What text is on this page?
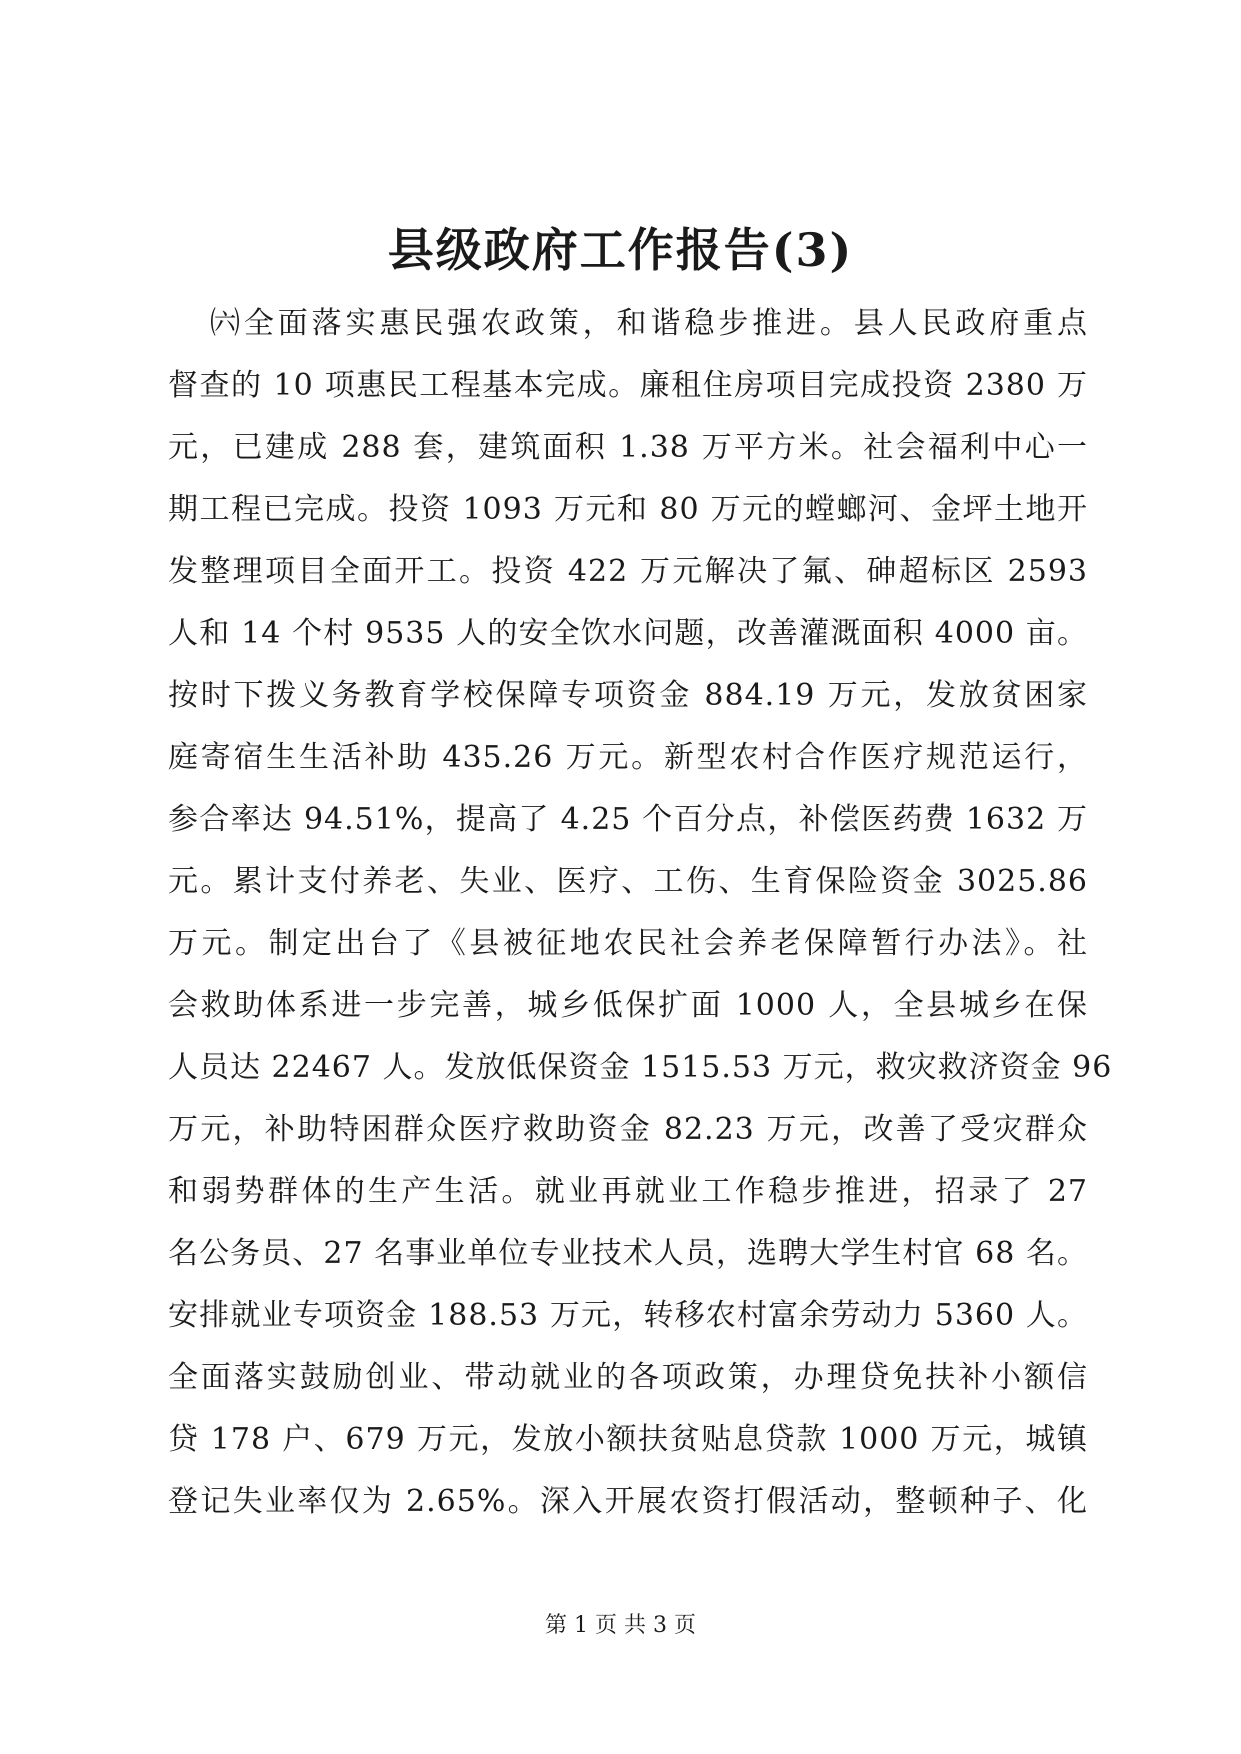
县级政府工作报告(3)
㈥全面落实惠民强农政策，和谐稳步推进。县人民政府重点
督查的 10 项惠民工程基本完成。廉租住房项目完成投资 2380 万
元，已建成 288 套，建筑面积 1.38 万平方米。社会福利中心一
期工程已完成。投资 1093 万元和 80 万元的螳螂河、金坪土地开
发整理项目全面开工。投资 422 万元解决了氟、砷超标区 2593
人和 14 个村 9535 人的安全饮水问题，改善灌溉面积 4000 亩。
按时下拨义务教育学校保障专项资金 884.19 万元，发放贫困家
庭寄宿生生活补助 435.26 万元。新型农村合作医疗规范运行，
参合率达 94.51%，提高了 4.25 个百分点，补偿医药费 1632 万
元。累计支付养老、失业、医疗、工伤、生育保险资金 3025.86
万元。制定出台了《县被征地农民社会养老保障暂行办法》。社
会救助体系进一步完善，城乡低保扩面 1000 人，全县城乡在保
人员达 22467 人。发放低保资金 1515.53 万元，救灾救济资金 96
万元，补助特困群众医疗救助资金 82.23 万元，改善了受灾群众
和弱势群体的生产生活。就业再就业工作稳步推进，招录了 27
名公务员、27 名事业单位专业技术人员，选聘大学生村官 68 名。
安排就业专项资金 188.53 万元，转移农村富余劳动力 5360 人。
全面落实鼓励创业、带动就业的各项政策，办理贷免扶补小额信
贷 178 户、679 万元，发放小额扶贫贴息贷款 1000 万元，城镇
登记失业率仅为 2.65%。深入开展农资打假活动，整顿种子、化
第 1 页 共 3 页
